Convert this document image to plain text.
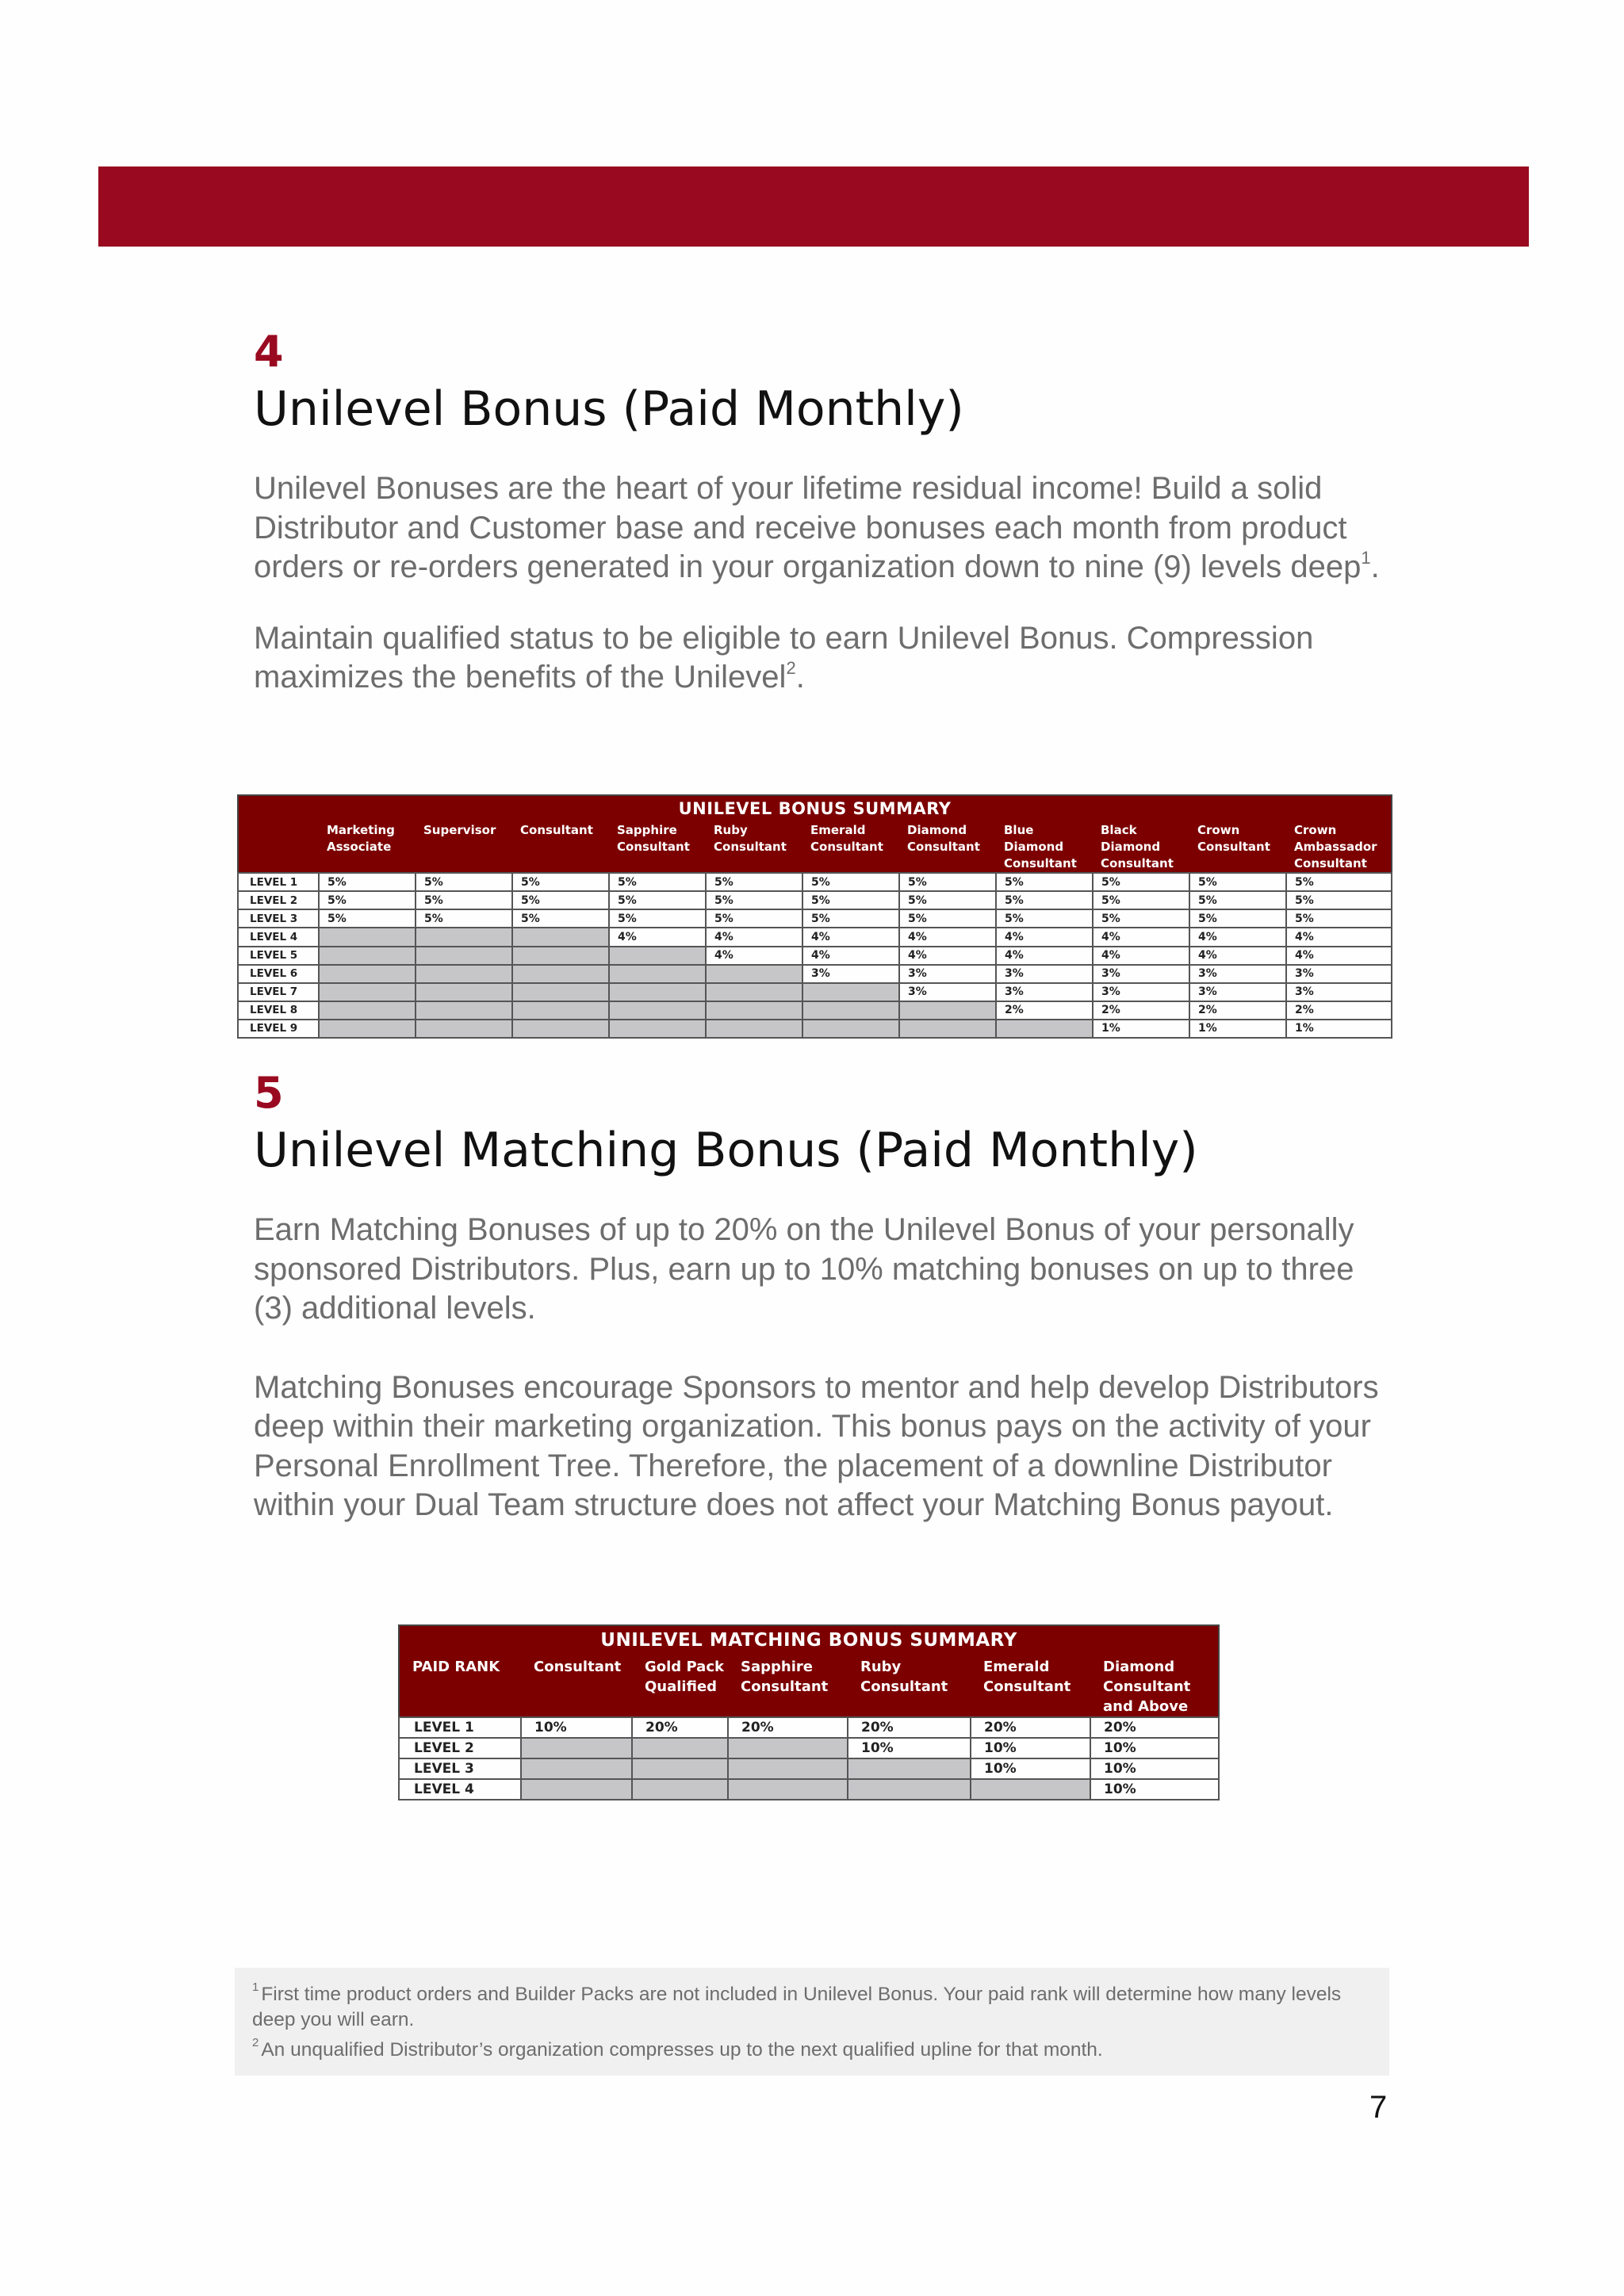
4
Unilevel Bonus (Paid Monthly)

Unilevel Bonuses are the heart of your lifetime residual income! Build a solid Distributor and Customer base and receive bonuses each month from product orders or re-orders generated in your organization down to nine (9) levels deep$^1$.

Maintain qualified status to be eligible to earn Unilevel Bonus. Compression maximizes the benefits of the Unilevel$^2$.

UNILEVEL BONUS SUMMARY											
	Marketing Associate	Supervisor	Consultant	Sapphire Consultant	Ruby Consultant	Emerald Consultant	Diamond Consultant	Blue Diamond Consultant	Black Diamond Consultant	Crown Consultant	Crown Ambassador Consultant
LEVEL 1	5%	5%	5%	5%	5%	5%	5%	5%	5%	5%	5%
LEVEL 2	5%	5%	5%	5%	5%	5%	5%	5%	5%	5%	5%
LEVEL 3	5%	5%	5%	5%	5%	5%	5%	5%	5%	5%	5%
LEVEL 4				4%	4%	4%	4%	4%	4%	4%	4%
LEVEL 5					4%	4%	4%	4%	4%	4%	4%
LEVEL 6						3%	3%	3%	3%	3%	3%
LEVEL 7							3%	3%	3%	3%	3%
LEVEL 8								2%	2%	2%	2%
LEVEL 9									1%	1%	1%
5
Unilevel Matching Bonus (Paid Monthly)

Earn Matching Bonuses of up to 20% on the Unilevel Bonus of your personally sponsored Distributors. Plus, earn up to 10% matching bonuses on up to three (3) additional levels.

Matching Bonuses encourage Sponsors to mentor and help develop Distributors deep within their marketing organization. This bonus pays on the activity of your Personal Enrollment Tree. Therefore, the placement of a downline Distributor within your Dual Team structure does not affect your Matching Bonus payout.

UNILEVEL MATCHING BONUS SUMMARY						
PAID RANK	Consultant	Gold Pack Qualified	Sapphire Consultant	Ruby Consultant	Emerald Consultant	Diamond Consultant and Above
LEVEL 1	10%	20%	20%	20%	20%	20%
LEVEL 2				10%	10%	10%
LEVEL 3					10%	10%
LEVEL 4						10%

$^1$ First time product orders and Builder Packs are not included in Unilevel Bonus. Your paid rank will determine how many levels deep you will earn.

$^2$ An unqualified Distributor’s organization compresses up to the next qualified upline for that month.

7
